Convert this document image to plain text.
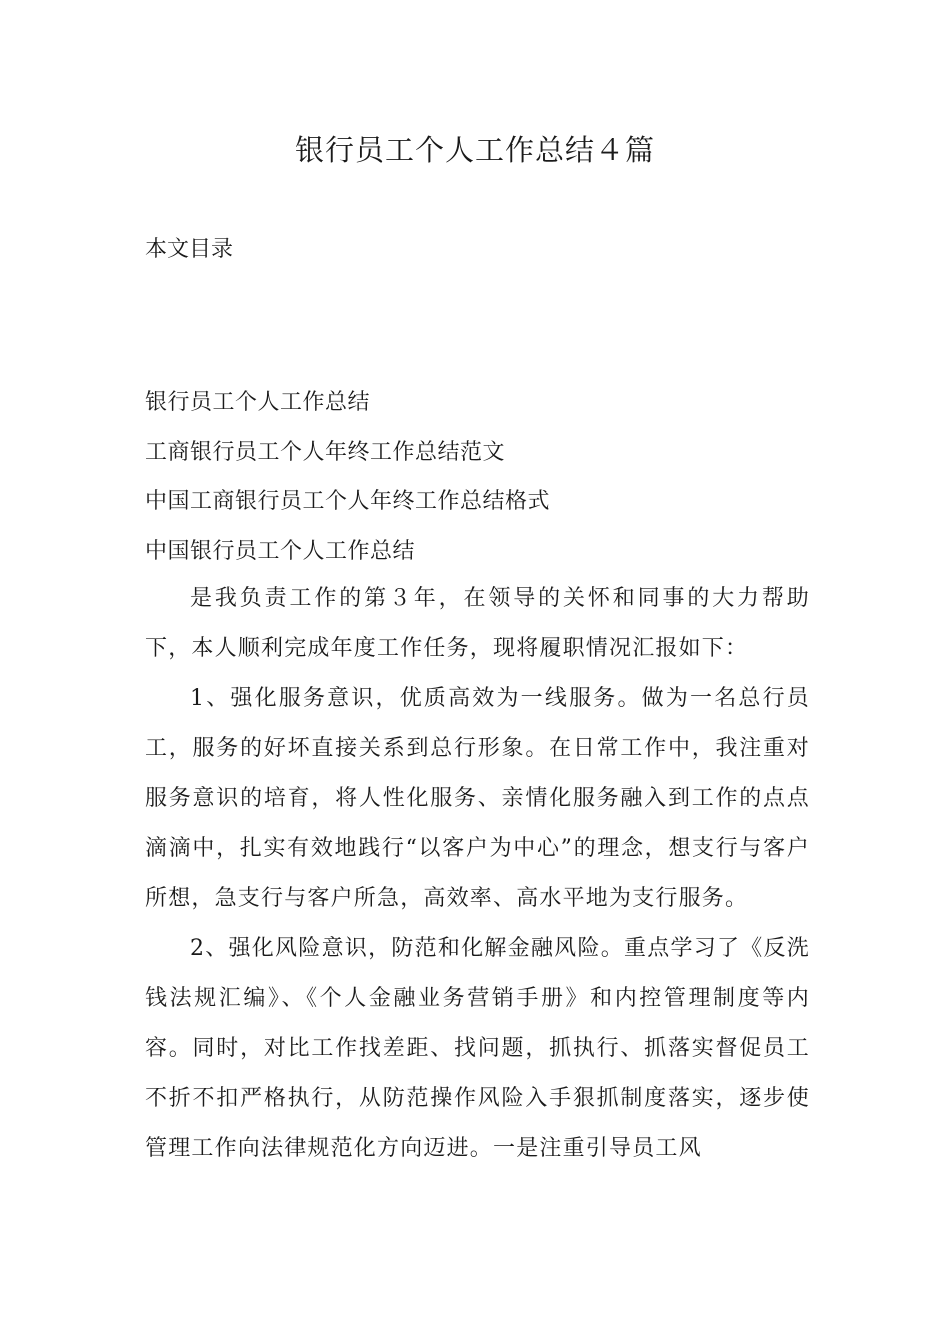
银行员工个人工作总结４篇
本文目录
银行员工个人工作总结
工商银行员工个人年终工作总结范文
中国工商银行员工个人年终工作总结格式
中国银行员工个人工作总结

是我负责工作的第３年，在领导的关怀和同事的大力帮助下，本人顺利完成年度工作任务，现将履职情况汇报如下：

1、强化服务意识，优质高效为一线服务。做为一名总行员工，服务的好坏直接关系到总行形象。在日常工作中，我注重对服务意识的培育，将人性化服务、亲情化服务融入到工作的点点滴滴中，扎实有效地践行“以客户为中心”的理念，想支行与客户所想，急支行与客户所急，高效率、高水平地为支行服务。

2、强化风险意识，防范和化解金融风险。重点学习了《反洗钱法规汇编》、《个人金融业务营销手册》和内控管理制度等内容。同时，对比工作找差距、找问题，抓执行、抓落实督促员工不折不扣严格执行，从防范操作风险入手狠抓制度落实，逐步使管理工作向法律规范化方向迈进。一是注重引导员工风
